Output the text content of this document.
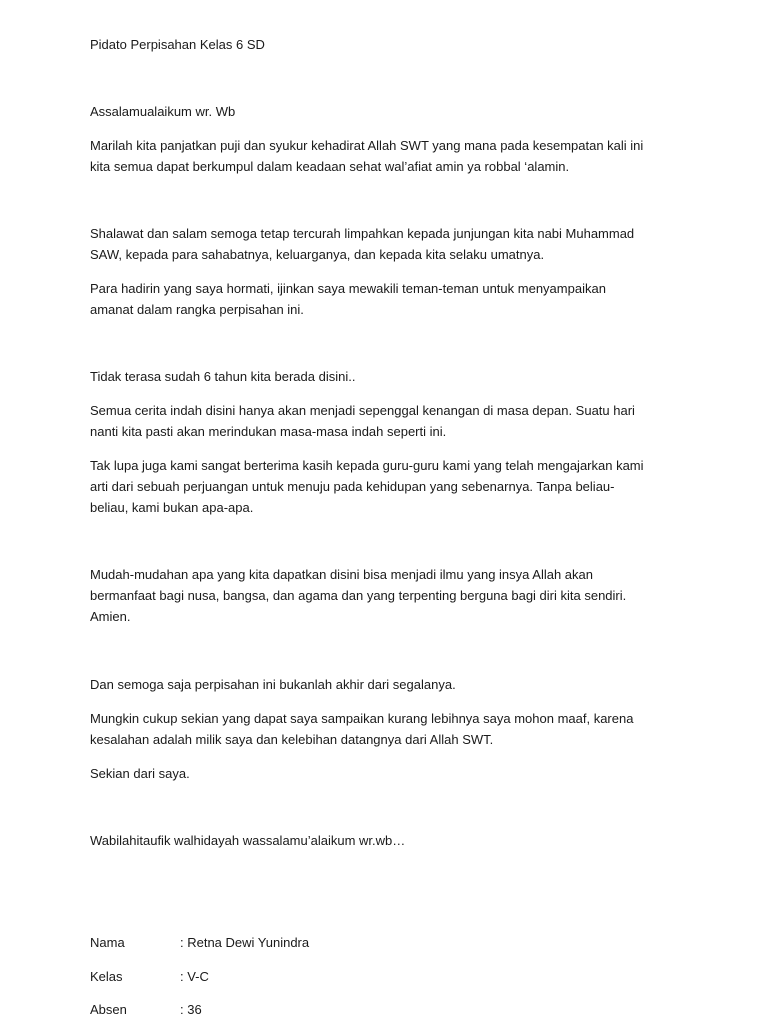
Pidato Perpisahan Kelas 6 SD

Assalamualaikum wr. Wb

Marilah kita panjatkan puji dan syukur kehadirat Allah SWT yang mana pada kesempatan kali ini

kita semua dapat berkumpul dalam keadaan sehat wal’afiat amin ya robbal ‘alamin.

Shalawat dan salam semoga tetap tercurah limpahkan kepada junjungan kita nabi Muhammad

SAW, kepada para sahabatnya, keluarganya, dan kepada kita selaku umatnya.

Para hadirin yang saya hormati, ijinkan saya mewakili teman-teman untuk menyampaikan

amanat dalam rangka perpisahan ini.

Tidak terasa sudah 6 tahun kita berada disini..

Semua cerita indah disini hanya akan menjadi sepenggal kenangan di masa depan. Suatu hari

nanti kita pasti akan merindukan masa-masa indah seperti ini.

Tak lupa juga kami sangat berterima kasih kepada guru-guru kami yang telah mengajarkan kami

arti dari sebuah perjuangan untuk menuju pada kehidupan yang sebenarnya. Tanpa beliau-

beliau, kami bukan apa-apa.

Mudah-mudahan apa yang kita dapatkan disini bisa menjadi ilmu yang insya Allah akan

bermanfaat bagi nusa, bangsa, dan agama dan yang terpenting berguna bagi diri kita sendiri.

Amien.

Dan semoga saja perpisahan ini bukanlah akhir dari segalanya.

Mungkin cukup sekian yang dapat saya sampaikan kurang lebihnya saya mohon maaf, karena

kesalahan adalah milik saya dan kelebihan datangnya dari Allah SWT.

Sekian dari saya.

Wabilahitaufik walhidayah wassalamu’alaikum wr.wb…

Nama	: Retna Dewi Yunindra
Kelas	: V-C
Absen	: 36
